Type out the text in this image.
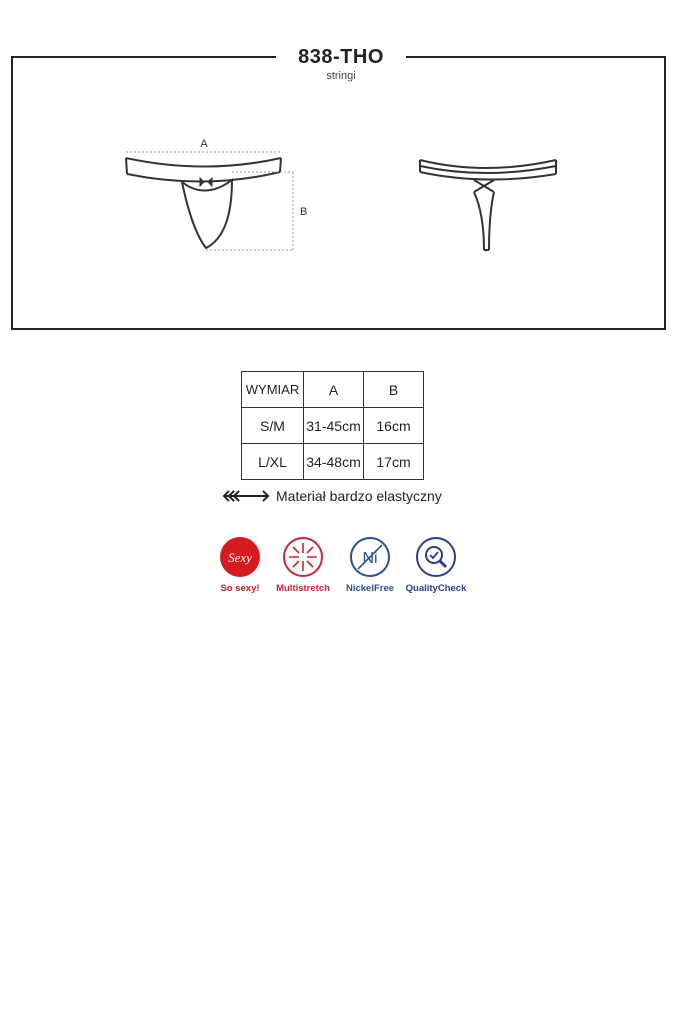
838-THO
stringi
A
B
WYMIAR	A	B
S/M	31-45cm	16cm
L/XL	34-48cm	17cm
Materiał bardzo elastyczny
Sexy
So sexy!	Multistretch
Ni
NickelFree	QualityCheck
